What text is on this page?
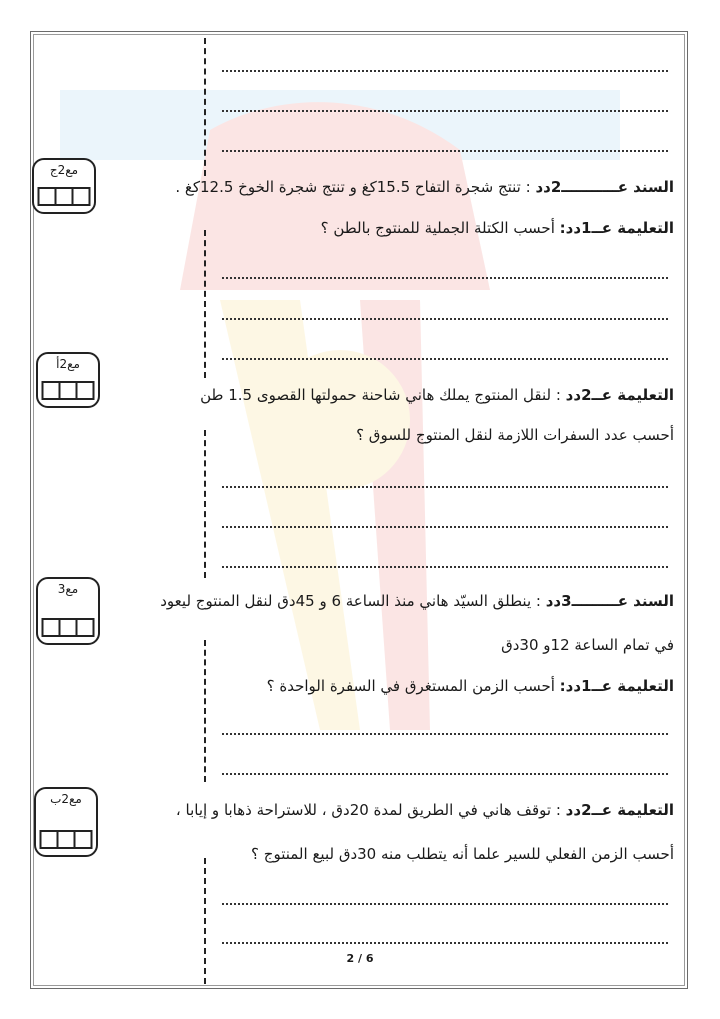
السند عـــــــــــ2دد : تنتج شجرة التفاح 15.5كغ و تنتج شجرة الخوخ 12.5كغ .
التعليمة عــ1دد: أحسب الكتلة الجملية للمنتوج بالطن ؟
التعليمة عــ2دد : لنقل المنتوج يملك هاني شاحنة حمولتها القصوى 1.5 طن
أحسب عدد السفرات اللازمة لنقل المنتوج للسوق ؟
السند عـــــــــ3دد : ينطلق السيّد هاني منذ الساعة 6 و 45دق لنقل المنتوج ليعود
في تمام الساعة 12و 30دق
التعليمة عــ1دد: أحسب الزمن المستغرق في السفرة الواحدة ؟
التعليمة عــ2دد : توقف هاني في الطريق لمدة 20دق ، للاستراحة ذهابا و إيابا ،
أحسب الزمن الفعلي للسير علما أنه يتطلب منه 30دق لبيع المنتوج ؟
مع2ج
مع2أ
مع3
مع2ب
2 / 6
